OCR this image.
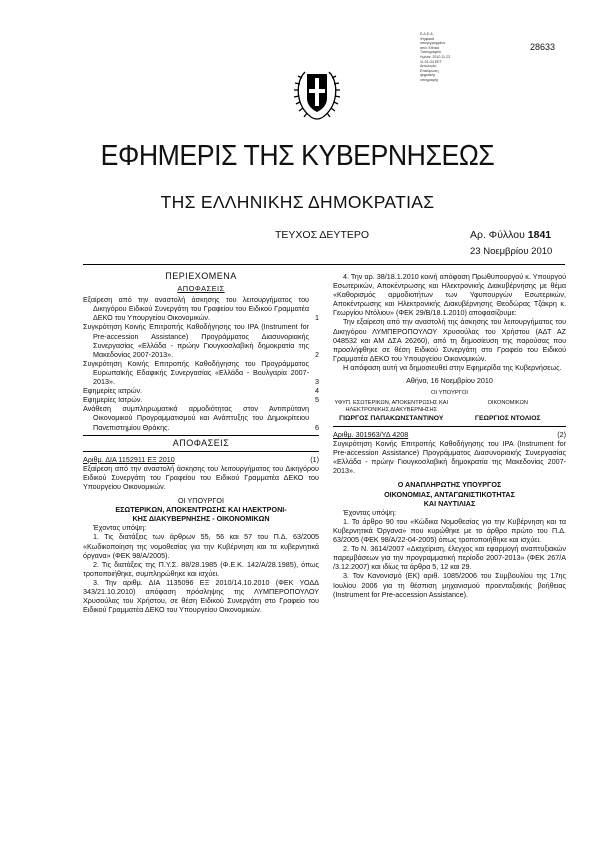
Ε.Δ.Ε.Α.
Ψηφιακά
υπογεγραμμένο
από: Εθνικό
Τυπογραφείο
Ημ/νία: 2010.11.23
11:01:34 EET
Αιτιολογία:
Επικύρωση
ψηφιακής
υπογραφής
28633
ΕΦΗΜΕΡΙΣ ΤΗΣ ΚΥΒΕΡΝΗΣΕΩΣ
ΤΗΣ ΕΛΛΗΝΙΚΗΣ ΔΗΜΟΚΡΑΤΙΑΣ
ΤΕΥΧΟΣ ΔΕΥΤΕΡΟ	Αρ. Φύλλου 1841
23 Νοεμβρίου 2010
ΠΕΡΙΕΧΟΜΕΝΑ
ΑΠΟΦΑΣΕΙΣ
Εξαίρεση από την αναστολή άσκησης του λειτουργήματος του Δικηγόρου Ειδικού Συνεργάτη του Γραφείου του Ειδικού Γραμματέα ΔΕΚΟ του Υπουργείου Οικονομικών.	1
Συγκρότηση Κοινής Επιτροπής Καθοδήγησης του IPA (Instrument for Pre-accession Assistance) Προγράμματος Διασυνοριακής Συνεργασίας «Ελλάδα - πρώην Γιουγκοσλαβική δημοκρατία της Μακεδονίας 2007-2013».	2
Συγκρότηση Κοινής Επιτροπής Καθοδήγησης του Προγράμματος Ευρωπαϊκής Εδαφικής Συνεργασίας «Ελλάδα - Βουλγαρία 2007-2013».	3
Εφημερίες ιατρών.	4
Εφημερίες Ιατρών.	5
Ανάθεση συμπληρωματικά αρμοδιότητας στον Αντιπρύτανη Οικονομικού Προγραμματισμού και Ανάπτυξης του Δημοκρίτειου Πανεπιστημίου Θράκης.	6
ΑΠΟΦΑΣΕΙΣ
Αριθμ. ΔΙΑ 1152911 ΕΞ 2010	(1)
Εξαίρεση από την αναστολή άσκησης του λειτουργήματος του Δικηγόρου Ειδικού Συνεργάτη του Γραφείου του Ειδικού Γραμματέα ΔΕΚΟ του Υπουργείου Οικονομικών.
ΟΙ ΥΠΟΥΡΓΟΙ
ΕΣΩΤΕΡΙΚΩΝ, ΑΠΟΚΕΝΤΡΩΣΗΣ ΚΑΙ ΗΛΕΚΤΡΟΝΙ-
ΚΗΣ ΔΙΑΚΥΒΕΡΝΗΣΗΣ - ΟΙΚΟΝΟΜΙΚΩΝ
Έχοντας υπόψη:
1. Τις διατάξεις των άρθρων 55, 56 και 57 του Π.Δ. 63/2005 «Κωδικοποίηση της νομοθεσίας για την Κυβέρνηση και τα κυβερνητικά όργανα» (ΦΕΚ 98/Α/2005).
2. Τις διατάξεις της Π.Υ.Σ. 88/28.1985 (Φ.Ε.Κ. 142/Α/28.1985), όπως τροποποιήθηκε, συμπληρώθηκε και ισχύει.
3. Την αριθμ. ΔΙΑ 1135096 ΕΞ 2010/14.10.2010 (ΦΕΚ ΥΟΔΔ 343/21.10.2010) απόφαση πρόσληψης της ΛΥΜΠΕΡΟΠΟΥΛΟΥ Χρυσούλας του Χρήστου, σε θέση Ειδικού Συνεργάτη στο Γραφείο του Ειδικού Γραμματέα ΔΕΚΟ του Υπουργείου Οικονομικών.
4. Την αρ. 38/18.1.2010 κοινή απόφαση Πρωθυπουργού κ. Υπουργού Εσωτερικών, Αποκέντρωσης και Ηλεκτρονικής Διακυβέρνησης με θέμα «Καθορισμός αρμοδιοτήτων των Υφυπουργών Εσωτερικών, Αποκέντρωσης και Ηλεκτρονικής Διακυβέρνησης Θεοδώρας Τζάκρη κ. Γεωργίου Ντόλιου» (ΦΕΚ 29/Β/18.1.2010) αποφασίζουμε:
Την εξαίρεση από την αναστολή της άσκησης του λειτουργήματος του Δικηγόρου ΛΥΜΠΕΡΟΠΟΥΛΟΥ Χρυσούλας του Χρήστου (ΑΔΤ ΑΖ 048532 και ΑΜ ΔΣΑ 26260), από τη δημοσίευση της παρούσας που προσλήφθηκε σε θέση Ειδικού Συνεργάτη στο Γραφείο του Ειδικού Γραμματέα ΔΕΚΟ του Υπουργείου Οικονομικών.
Η απόφαση αυτή να δημοσιευθεί στην Εφημερίδα της Κυβερνήσεως.
Αθήνα, 16 Νοεμβρίου 2010
ΟΙ ΥΠΟΥΡΓΟΙ
ΥΦΥΠ. ΕΣΩΤΕΡΙΚΩΝ, ΑΠΟΚΕΝΤΡΩΣΗΣ ΚΑΙ
ΗΛΕΚΤΡΟΝΙΚΗΣ ΔΙΑΚΥΒΕΡΝΗΣΗΣ
ΓΙΩΡΓΟΣ ΠΑΠΑΚΩΝΣΤΑΝΤΙΝΟΥ

ΟΙΚΟΝΟΜΙΚΩΝ

ΓΕΩΡΓΙΟΣ ΝΤΟΛΙΟΣ
Αριθμ. 301963/ΥΔ 4208	(2)
Συγκρότηση Κοινής Επιτροπής Καθοδήγησης του IPA (Instrument for Pre-accession Assistance) Προγράμματος Διασυνοριακής Συνεργασίας «Ελλάδα - πρώην Γιουγκοσλαβική δημοκρατία της Μακεδονίας 2007-2013».
Ο ΑΝΑΠΛΗΡΩΤΗΣ ΥΠΟΥΡΓΟΣ
ΟΙΚΟΝΟΜΙΑΣ, ΑΝΤΑΓΩΝΙΣΤΙΚΟΤΗΤΑΣ
ΚΑΙ ΝΑΥΤΙΛΙΑΣ
Έχοντας υπόψη:
1. Το άρθρο 90 του «Κώδικα Νομοθεσίας για την Κυβέρνηση και τα Κυβερνητικά Όργανα» που κυρώθηκε με το άρθρο πρώτο του Π.Δ. 63/2005 (ΦΕΚ 98/Α/22-04-2005) όπως τροποποιήθηκε και ισχύει.
2. Το Ν. 3614/2007 «Διαχείριση, έλεγχος και εφαρμογή αναπτυξιακών παρεμβάσεων για την προγραμματική περίοδο 2007-2013» (ΦΕΚ 267/Α /3.12.2007) και ιδίως τα άρθρα 5, 12 και 29.
3. Τον Κανονισμό (ΕΚ) αριθ. 1085/2006 του Συμβουλίου της 17ης Ιουλίου 2006 για τη θέσπιση μηχανισμού προενταξιακής βοήθειας (Instrument for Pre-accession Assistance).
